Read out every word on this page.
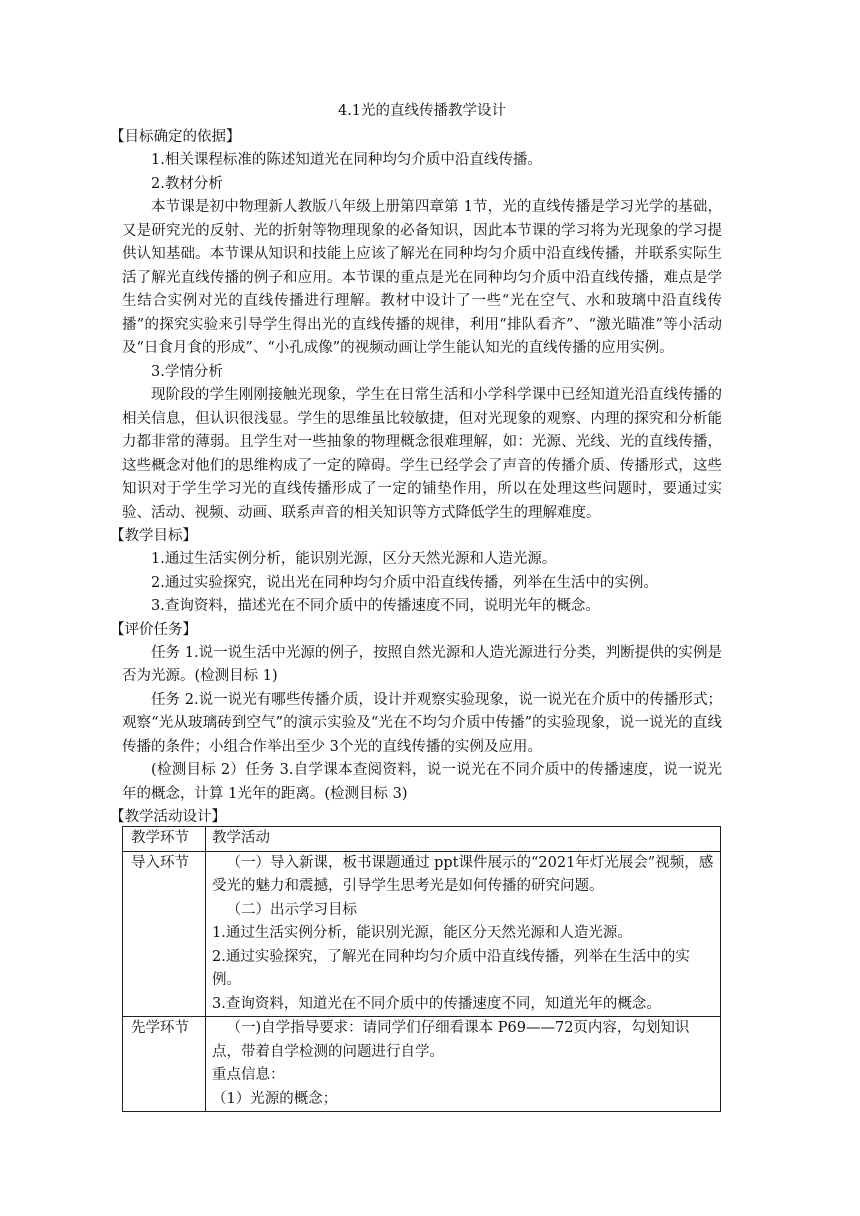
4.1光的直线传播教学设计
【目标确定的依据】
1.相关课程标准的陈述知道光在同种均匀介质中沿直线传播。
2.教材分析
本节课是初中物理新人教版八年级上册第四章第 1节，光的直线传播是学习光学的基础，又是研究光的反射、光的折射等物理现象的必备知识，因此本节课的学习将为光现象的学习提供认知基础。本节课从知识和技能上应该了解光在同种均匀介质中沿直线传播，并联系实际生活了解光直线传播的例子和应用。本节课的重点是光在同种均匀介质中沿直线传播，难点是学生结合实例对光的直线传播进行理解。教材中设计了一些“光在空气、水和玻璃中沿直线传播”的探究实验来引导学生得出光的直线传播的规律，利用“排队看齐”、“激光瞄准”等小活动及“日食月食的形成”、“小孔成像”的视频动画让学生能认知光的直线传播的应用实例。
3.学情分析
现阶段的学生刚刚接触光现象，学生在日常生活和小学科学课中已经知道光沿直线传播的相关信息，但认识很浅显。学生的思维虽比较敏捷，但对光现象的观察、内理的探究和分析能力都非常的薄弱。且学生对一些抽象的物理概念很难理解，如：光源、光线、光的直线传播，这些概念对他们的思维构成了一定的障碍。学生已经学会了声音的传播介质、传播形式，这些知识对于学生学习光的直线传播形成了一定的铺垫作用，所以在处理这些问题时，要通过实验、活动、视频、动画、联系声音的相关知识等方式降低学生的理解难度。
【教学目标】
1.通过生活实例分析，能识别光源，区分天然光源和人造光源。
2.通过实验探究，说出光在同种均匀介质中沿直线传播，列举在生活中的实例。
3.查询资料，描述光在不同介质中的传播速度不同，说明光年的概念。
【评价任务】
任务 1.说一说生活中光源的例子，按照自然光源和人造光源进行分类，判断提供的实例是否为光源。(检测目标 1)
任务 2.说一说光有哪些传播介质，设计并观察实验现象，说一说光在介质中的传播形式；观察“光从玻璃砖到空气”的演示实验及“光在不均匀介质中传播”的实验现象，说一说光的直线传播的条件；小组合作举出至少 3个光的直线传播的实例及应用。
(检测目标 2）任务 3.自学课本查阅资料，说一说光在不同介质中的传播速度，说一说光年的概念，计算 1光年的距离。(检测目标 3)
【教学活动设计】
教学环节	教学活动
导入环节	（一）导入新课，板书课题通过 ppt课件展示的“2021年灯光展会”视频，感受光的魅力和震撼，引导学生思考光是如何传播的研究问题。
（二）出示学习目标
1.通过生活实例分析，能识别光源，能区分天然光源和人造光源。
2.通过实验探究，了解光在同种均匀介质中沿直线传播，列举在生活中的实例。
3.查询资料，知道光在不同介质中的传播速度不同，知道光年的概念。

先学环节	（一)自学指导要求：请同学们仔细看课本 P69——72页内容，勾划知识点，带着自学检测的问题进行自学。
重点信息：
（1）光源的概念；
